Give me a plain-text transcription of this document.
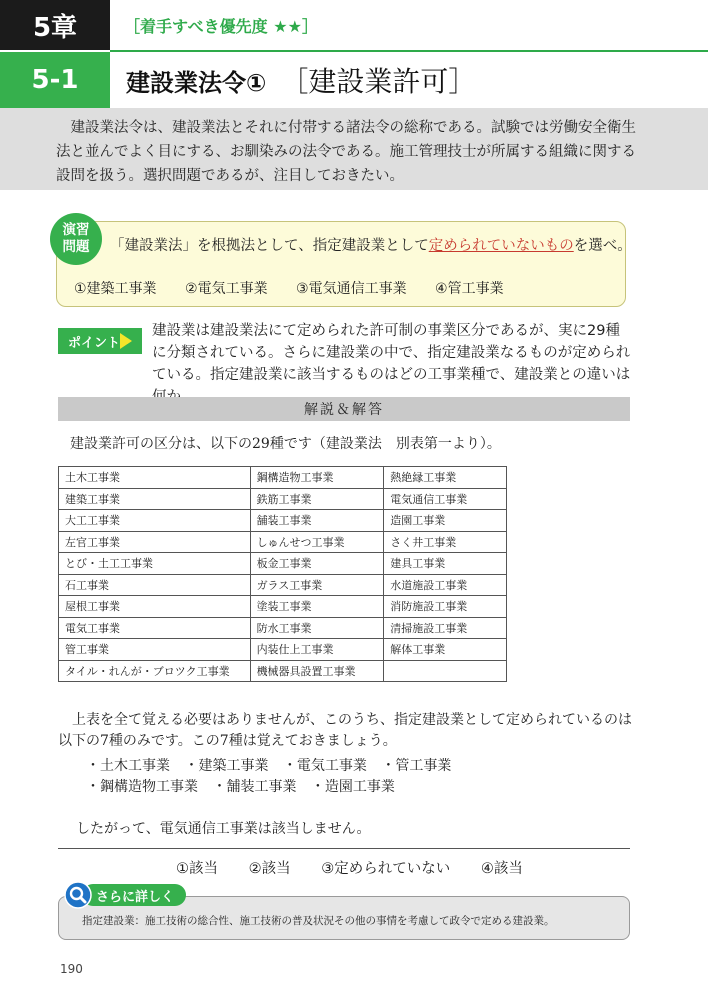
5章	［着手すべき優先度 ★★］
5-1	建設業法令① ［建設業許可］
建設業法令は、建設業法とそれに付帯する諸法令の総称である。試験では労働安全衛生法と並んでよく目にする、お馴染みの法令である。施工管理技士が所属する組織に関する設問を扱う。選択問題であるが、注目しておきたい。
演習
問題 「建設業法」を根拠法として、指定建設業として定められていないものを選べ。
①建築工事業 ②電気工事業 ③電気通信工事業 ④管工事業
ポイント
建設業は建設業法にて定められた許可制の事業区分であるが、実に29種に分類されている。さらに建設業の中で、指定建設業なるものが定められている。指定建設業に該当するものはどの工事業種で、建設業との違いは
解説＆解答
建設業許可の区分は、以下の29種です（建設業法　別表第一より）。
土木工事業	鋼構造物工事業	熱絶縁工事業
建築工事業	鉄筋工事業	電気通信工事業
大工工事業	舗装工事業	造園工事業
左官工事業	しゅんせつ工事業	さく井工事業
とび・土工工事業	板金工事業	建具工事業
石工事業	ガラス工事業	水道施設工事業
屋根工事業	塗装工事業	消防施設工事業
電気工事業	防水工事業	清掃施設工事業
管工事業	内装仕上工事業	解体工事業
タイル・れんが・ブロツク工事業	機械器具設置工事業	
上表を全て覚える必要はありませんが、このうち、指定建設業として定められているのは以下の7種のみです。この7種は覚えておきましょう。
・土木工事業 ・建築工事業 ・電気工事業 ・管工事業
・鋼構造物工事業 ・舗装工事業 ・造園工事業
したがって、電気通信工事業は該当しません。
①該当 ②該当 ③定められていない ④該当
さらに詳しく
指定建設業：施工技術の総合性、施工技術の普及状況その他の事情を考慮して政令で定める建設業。
190
